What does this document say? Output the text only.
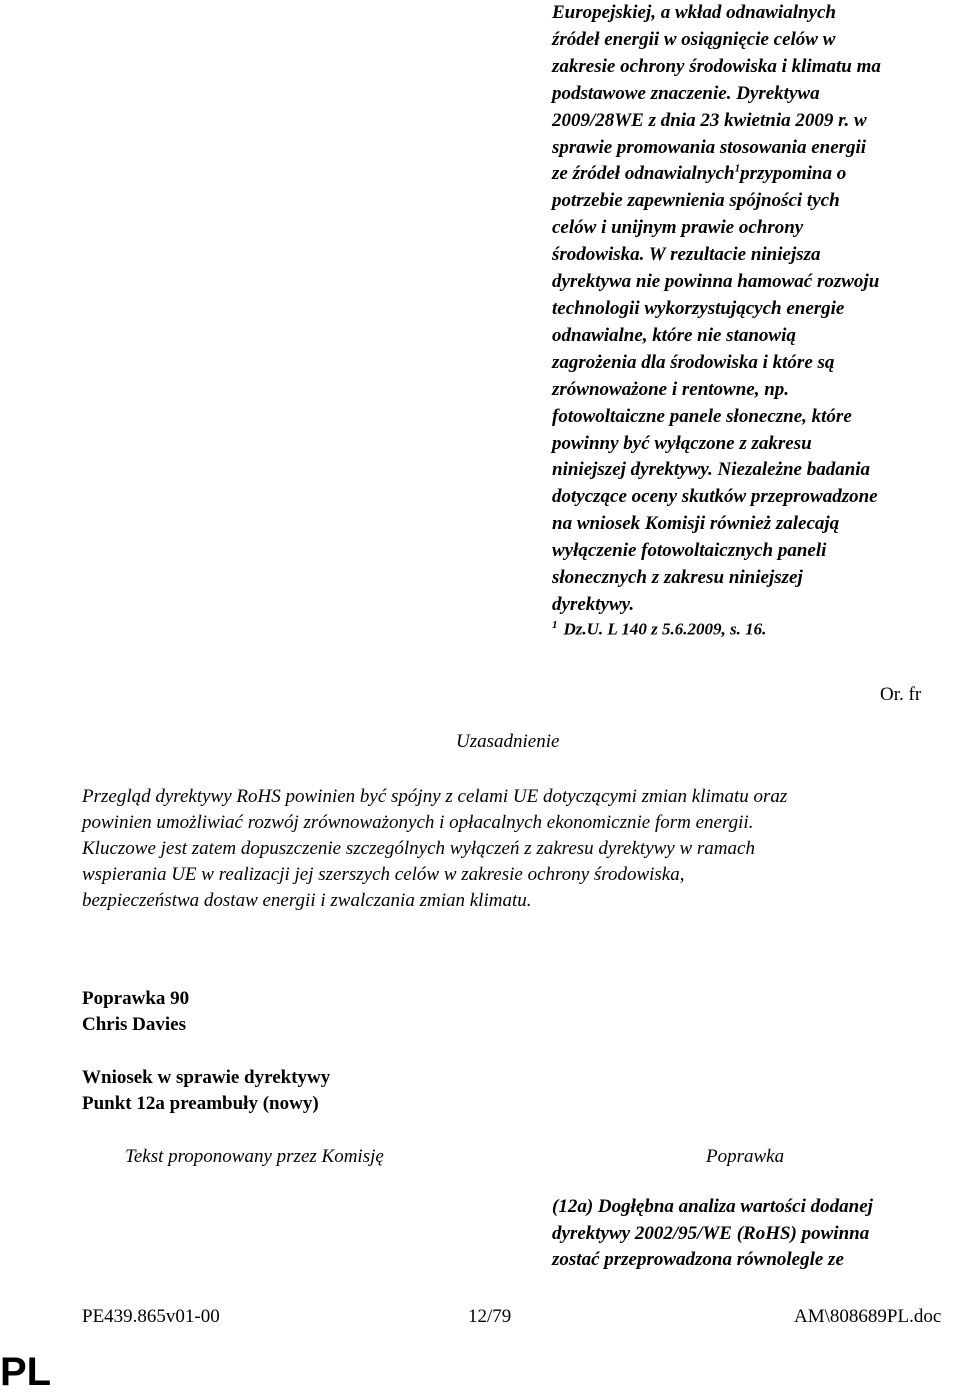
Europejskiej, a wkład odnawialnych
źródeł energii w osiągnięcie celów w
zakresie ochrony środowiska i klimatu ma
podstawowe znaczenie. Dyrektywa
2009/28WE z dnia 23 kwietnia 2009 r. w
sprawie promowania stosowania energii
ze źródeł odnawialnych$^1$przypomina o
potrzebie zapewnienia spójności tych
celów i unijnym prawie ochrony
środowiska. W rezultacie niniejsza
dyrektywa nie powinna hamować rozwoju
technologii wykorzystujących energie
odnawialne, które nie stanowią
zagrożenia dla środowiska i które są
zrównoważone i rentowne, np.
fotowoltaiczne panele słoneczne, które
powinny być wyłączone z zakresu
niniejszej dyrektywy. Niezależne badania
dotyczące oceny skutków przeprowadzone
na wniosek Komisji również zalecają
wyłączenie fotowoltaicznych paneli
słonecznych z zakresu niniejszej
dyrektywy.
$^1$ Dz.U. L 140 z 5.6.2009, s. 16.
Or. fr
Uzasadnienie
Przegląd dyrektywy RoHS powinien być spójny z celami UE dotyczącymi zmian klimatu oraz
powinien umożliwiać rozwój zrównoważonych i opłacalnych ekonomicznie form energii.
Kluczowe jest zatem dopuszczenie szczególnych wyłączeń z zakresu dyrektywy w ramach
wspierania UE w realizacji jej szerszych celów w zakresie ochrony środowiska,
bezpieczeństwa dostaw energii i zwalczania zmian klimatu.
Poprawka 90
Chris Davies
Wniosek w sprawie dyrektywy
Punkt 12a preambuły (nowy)
Tekst proponowany przez Komisję	Poprawka
(12a) Dogłębna analiza wartości dodanej
dyrektywy 2002/95/WE (RoHS) powinna
zostać przeprowadzona równolegle ze
PE439.865v01-00	12/79	AM\808689PL.doc
PL
